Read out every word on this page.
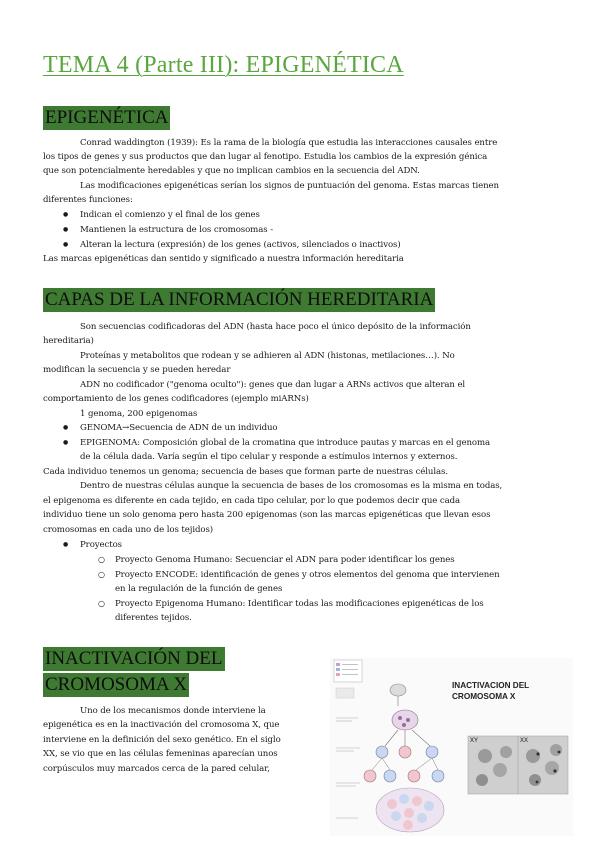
TEMA 4 (Parte III): EPIGENÉTICA
EPIGENÉTICA
Conrad waddington (1939): Es la rama de la biología que estudia las interacciones causales entre
los tipos de genes y sus productos que dan lugar al fenotipo. Estudia los cambios de la expresión génica
que son potencialmente heredables y que no implican cambios en la secuencia del ADN.
Las modificaciones epigenéticas serían los signos de puntuación del genoma. Estas marcas tienen
diferentes funciones:
● Indican el comienzo y el final de los genes
● Mantienen la estructura de los cromosomas -
● Alteran la lectura (expresión) de los genes (activos, silenciados o inactivos)
Las marcas epigenéticas dan sentido y significado a nuestra información hereditaria
CAPAS DE LA INFORMACIÓN HEREDITARIA
Son secuencias codificadoras del ADN (hasta hace poco el único depósito de la información
hereditaria)
Proteínas y metabolitos que rodean y se adhieren al ADN (histonas, metilaciones…). No
modifican la secuencia y se pueden heredar
ADN no codificador ("genoma oculto"): genes que dan lugar a ARNs activos que alteran el
comportamiento de los genes codificadores (ejemplo miARNs)
1 genoma, 200 epigenomas
● GENOMA→Secuencia de ADN de un individuo
● EPIGENOMA: Composición global de la cromatina que introduce pautas y marcas en el genoma
de la célula dada. Varía según el tipo celular y responde a estímulos internos y externos.
Cada individuo tenemos un genoma; secuencia de bases que forman parte de nuestras células.
Dentro de nuestras células aunque la secuencia de bases de los cromosomas es la misma en todas,
el epigenoma es diferente en cada tejido, en cada tipo celular, por lo que podemos decir que cada
individuo tiene un solo genoma pero hasta 200 epigenomas (son las marcas epigenéticas que llevan esos
cromosomas en cada uno de los tejidos)
● Proyectos
○ Proyecto Genoma Humano: Secuenciar el ADN para poder identificar los genes
○ Proyecto ENCODE: identificación de genes y otros elementos del genoma que intervienen
en la regulación de la función de genes
○ Proyecto Epigenoma Humano: Identificar todas las modificaciones epigenéticas de los
diferentes tejidos.
INACTIVACIÓN DEL
CROMOSOMA X
Uno de los mecanismos donde interviene la
epigenética es en la inactivación del cromosoma X, que
interviene en la definición del sexo genético. En el siglo
XX, se vio que en las células femeninas aparecían unos
corpúsculos muy marcados cerca de la pared celular,
XY	XX
INACTIVACION DEL
CROMOSOMA X
